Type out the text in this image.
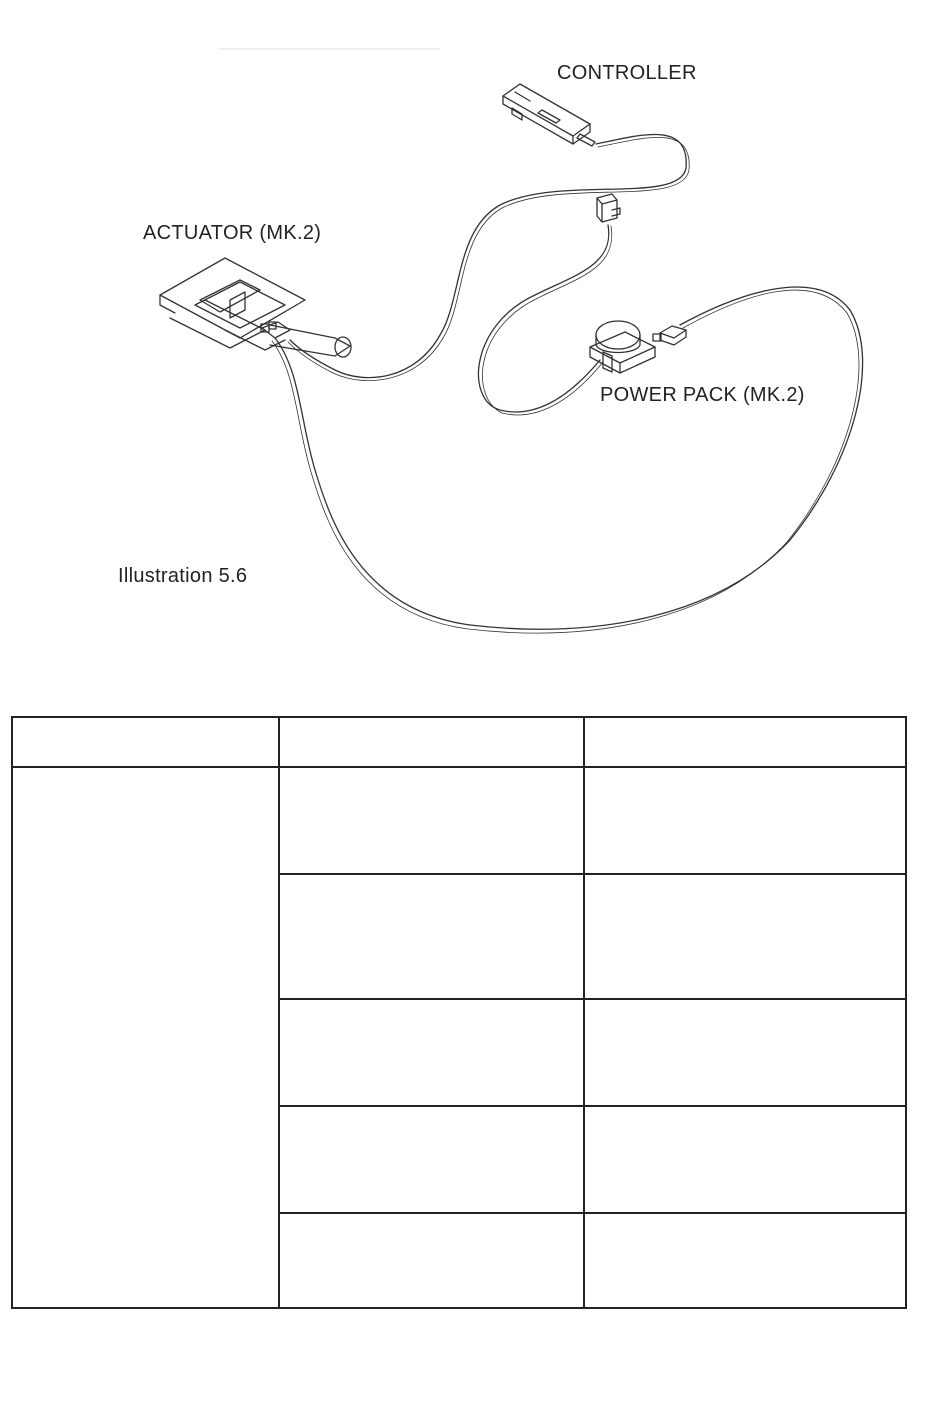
CONTROLLER
ACTUATOR (MK.2)
POWER PACK (MK.2)
Illustration 5.6
